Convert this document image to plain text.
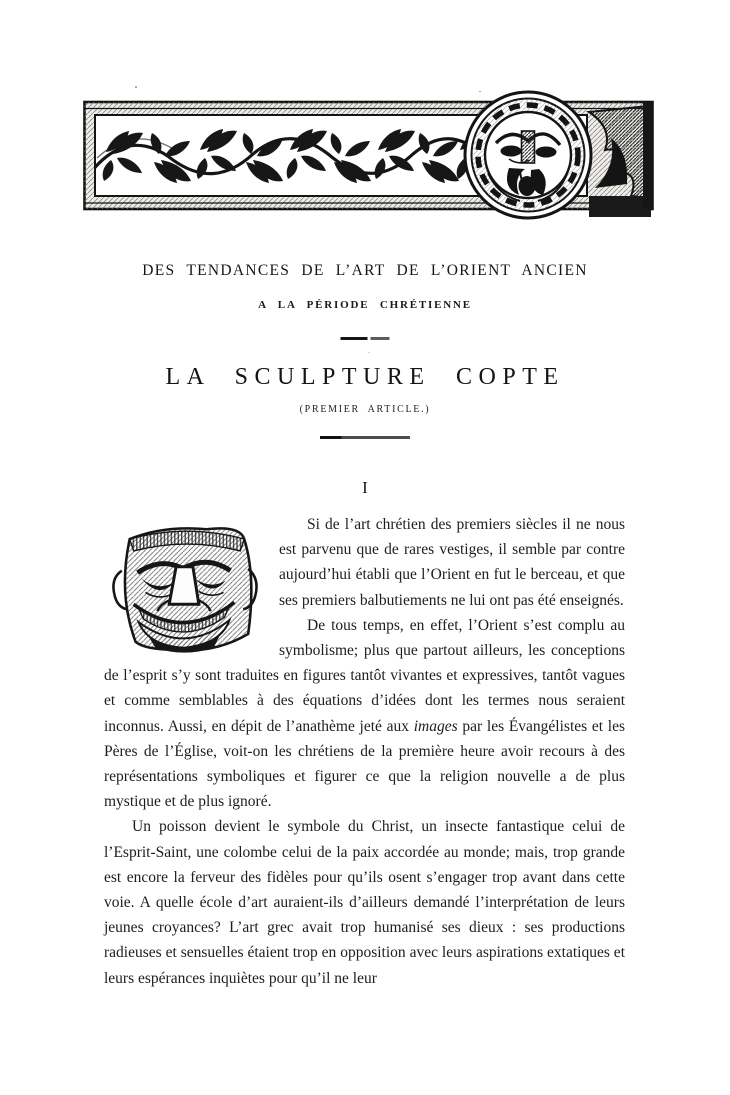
DES TENDANCES DE L’ART DE L’ORIENT ANCIEN
A LA PÉRIODE CHRÉTIENNE
LA SCULPTURE COPTE
(PREMIER ARTICLE.)
I

Si de l’art chrétien des premiers siècles il ne nous est parvenu que de rares vestiges, il semble par contre aujourd’hui établi que l’Orient en fut le berceau, et que ses premiers balbutiements ne lui ont pas été enseignés.

De tous temps, en effet, l’Orient s’est complu au symbolisme; plus que partout ailleurs, les conceptions de l’esprit s’y sont traduites en figures tantôt vivantes et expressives, tantôt vagues et comme semblables à des équations d’idées dont les termes nous seraient inconnus. Aussi, en dépit de l’anathème jeté aux images par les Évangélistes et les Pères de l’Église, voit-on les chrétiens de la première heure avoir recours à des représentations symboliques et figurer ce que la religion nouvelle a de plus mystique et de plus ignoré.

Un poisson devient le symbole du Christ, un insecte fantastique celui de l’Esprit-Saint, une colombe celui de la paix accordée au monde; mais, trop grande est encore la ferveur des fidèles pour qu’ils osent s’engager trop avant dans cette voie. A quelle école d’art auraient-ils d’ailleurs demandé l’interprétation de leurs jeunes croyances? L’art grec avait trop humanisé ses dieux : ses productions radieuses et sensuelles étaient trop en opposition avec leurs aspirations extatiques et leurs espérances inquiètes pour qu’il ne leur
